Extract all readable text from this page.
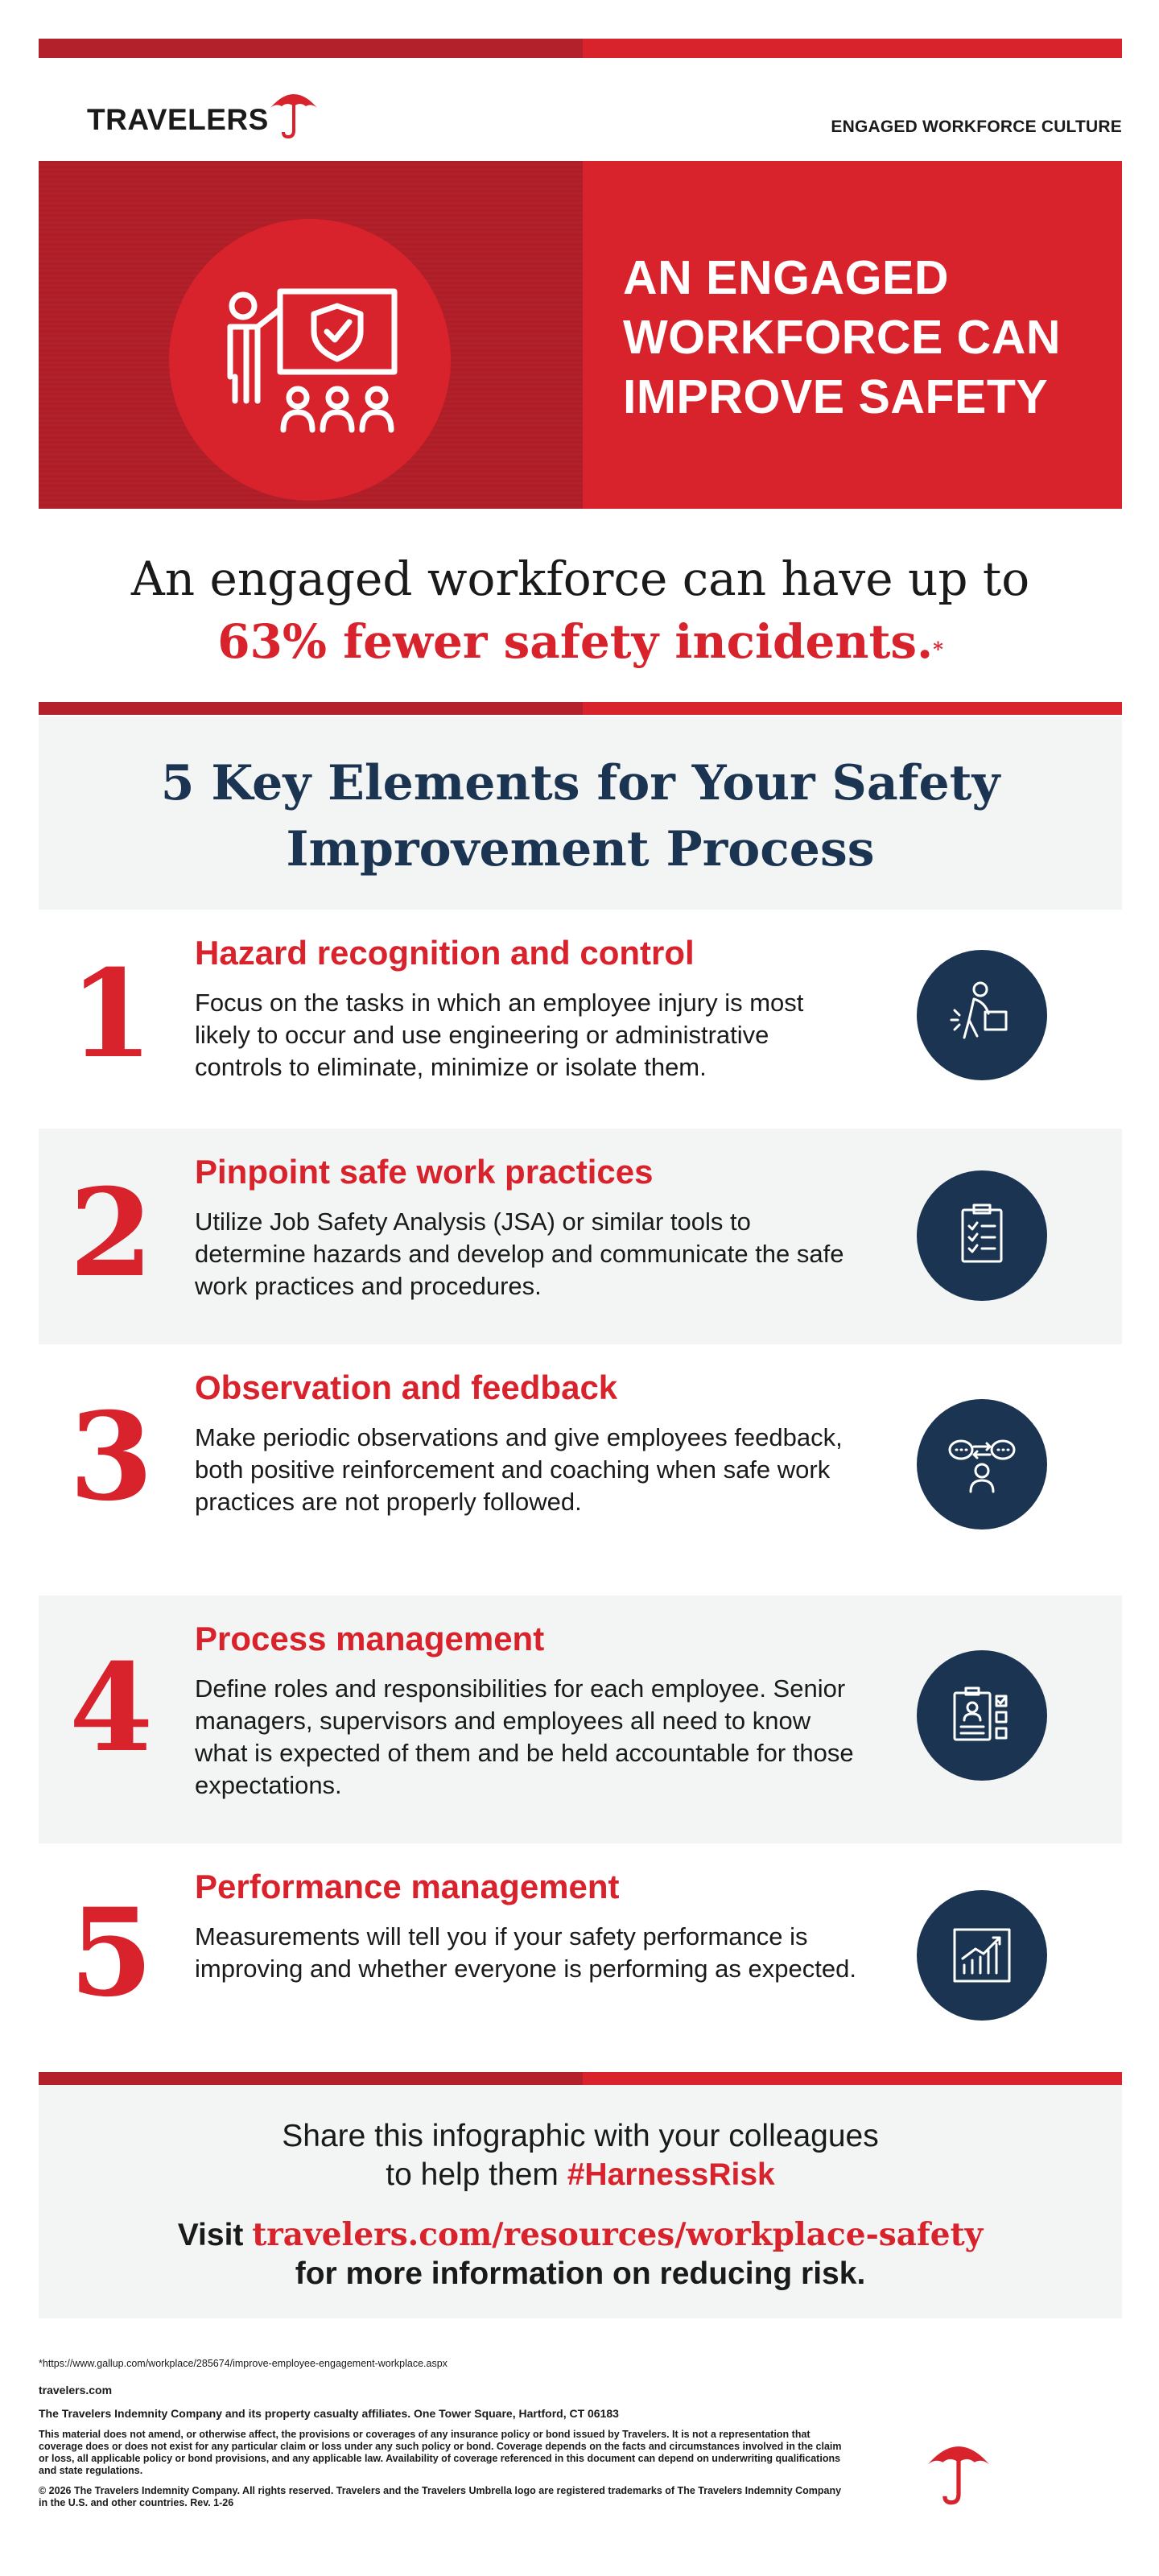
TRAVELERS	ENGAGED WORKFORCE CULTURE
AN ENGAGED
WORKFORCE CAN
IMPROVE SAFETY
An engaged workforce can have up to
63% fewer safety incidents.*
5 Key Elements for Your Safety
Improvement Process
1 Hazard recognition and control
Focus on the tasks in which an employee injury is most likely to occur and use engineering or administrative controls to eliminate, minimize or isolate them.
2 Pinpoint safe work practices
Utilize Job Safety Analysis (JSA) or similar tools to determine hazards and develop and communicate the safe work practices and procedures.
3 Observation and feedback
Make periodic observations and give employees feedback, both positive reinforcement and coaching when safe work practices are not properly followed.
4 Process management
Define roles and responsibilities for each employee. Senior managers, supervisors and employees all need to know what is expected of them and be held accountable for those expectations.
5 Performance management
Measurements will tell you if your safety performance is improving and whether everyone is performing as expected.
Share this infographic with your colleagues
to help them #HarnessRisk
Visit travelers.com/resources/workplace-safety
for more information on reducing risk.
*https://www.gallup.com/workplace/285674/improve-employee-engagement-workplace.aspx
travelers.com
The Travelers Indemnity Company and its property casualty affiliates. One Tower Square, Hartford, CT 06183
This material does not amend, or otherwise affect, the provisions or coverages of any insurance policy or bond issued by Travelers. It is not a representation that coverage does or does not exist for any particular claim or loss under any such policy or bond. Coverage depends on the facts and circumstances involved in the claim or loss, all applicable policy or bond provisions, and any applicable law. Availability of coverage referenced in this document can depend on underwriting qualifications and state regulations.
© 2026 The Travelers Indemnity Company. All rights reserved. Travelers and the Travelers Umbrella logo are registered trademarks of The Travelers Indemnity Company in the U.S. and other countries. Rev. 1-26
